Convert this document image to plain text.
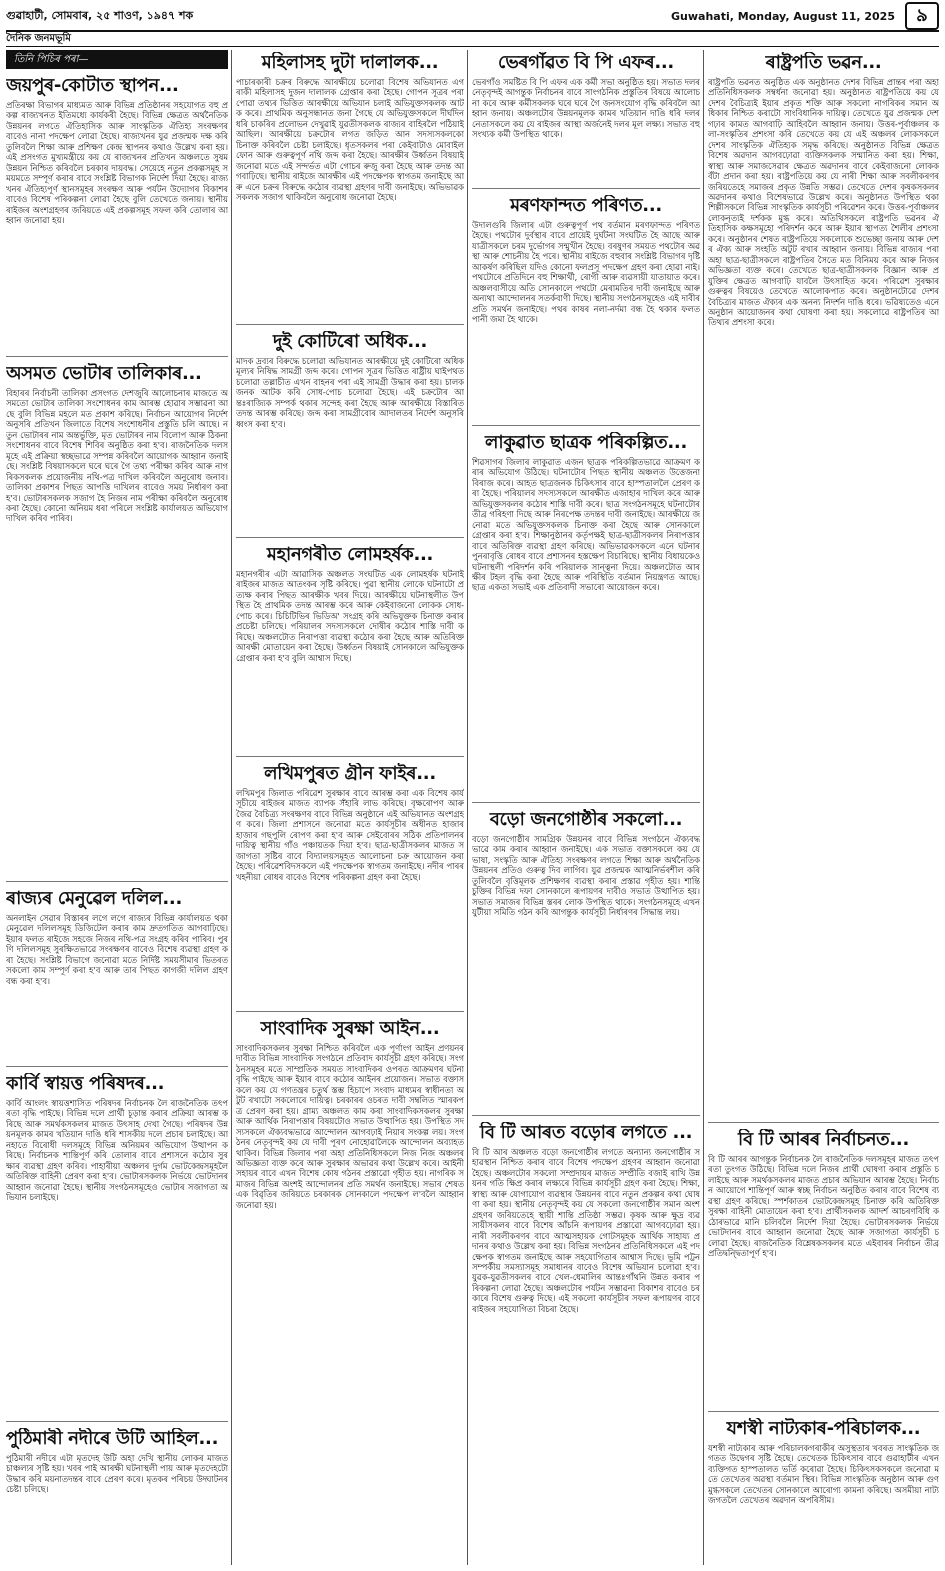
গুৱাহাটী, সোমবাৰ, ২৫ শাওণ, ১৯৪৭ শক	Guwahati, Monday, August 11, 2025	৯
দৈনিক জনমভূমি
তিনি পিচিৰ পৰা—
জয়পুৰ-কোটাত স্থাপন...
প্ৰতিৰক্ষা বিভাগৰ মাধ্যমত আৰু বিভিন্ন প্ৰতিষ্ঠানৰ সহযোগত বহু প্ৰকল্প ৰাজ্যখনত ইতিমধ্যে কাৰ্যকৰী হৈছে। বিভিন্ন ক্ষেত্ৰত অৰ্থনৈতিক উন্নয়নৰ লগতে ঐতিহাসিক আৰু সাংস্কৃতিক ঐতিহ্য সংৰক্ষণৰ বাবেও নানা পদক্ষেপ লোৱা হৈছে। ৰাজ্যখনৰ যুৱ প্ৰজন্মক দক্ষ কৰি তুলিবলৈ শিক্ষা আৰু প্ৰশিক্ষণ কেন্দ্ৰ স্থাপনৰ কথাও উল্লেখ কৰা হয়। এই প্ৰসংগত মুখ্যমন্ত্ৰীয়ে কয় যে ৰাজ্যখনৰ প্ৰতিখন অঞ্চলতে সুষম উন্নয়ন নিশ্চিত কৰিবলৈ চৰকাৰ দায়বদ্ধ। সেয়েহে নতুন প্ৰকল্পসমূহ সময়মতে সম্পূৰ্ণ কৰাৰ বাবে সংশ্লিষ্ট বিভাগক নিৰ্দেশ দিয়া হৈছে। ৰাজ্যখনৰ ঐতিহ্যপূৰ্ণ স্থানসমূহৰ সংৰক্ষণ আৰু পৰ্যটন উদ্যোগৰ বিকাশৰ বাবেও বিশেষ পৰিকল্পনা লোৱা হৈছে বুলি তেখেতে জনায়। স্থানীয় ৰাইজৰ অংশগ্ৰহণৰ জৰিয়তে এই প্ৰকল্পসমূহ সফল কৰি তোলাৰ আহ্বান জনোৱা হয়।
অসমত ভোটাৰ তালিকাৰ...
বিহাৰৰ নিৰ্বাচনী তালিকা প্ৰসংগত দেশজুৰি আলোচনাৰ মাজতে অসমতো ভোটাৰ তালিকা সংশোধনৰ কাম আৰম্ভ হোৱাৰ সম্ভাৱনা আছে বুলি বিভিন্ন মহলে মত প্ৰকাশ কৰিছে। নিৰ্বাচন আয়োগৰ নিৰ্দেশ অনুসৰি প্ৰতিখন জিলাতে বিশেষ সংশোধনীৰ প্ৰস্তুতি চলি আছে। নতুন ভোটাৰৰ নাম অন্তৰ্ভুক্তি, মৃত ভোটাৰৰ নাম বিলোপ আৰু ঠিকনা সংশোধনৰ বাবে বিশেষ শিবিৰ অনুষ্ঠিত কৰা হ'ব। ৰাজনৈতিক দলসমূহে এই প্ৰক্ৰিয়া স্বচ্ছভাৱে সম্পন্ন কৰিবলৈ আয়োগক আহ্বান জনাইছে। সংশ্লিষ্ট বিষয়াসকলে ঘৰে ঘৰে গৈ তথ্য পৰীক্ষা কৰিব আৰু নাগৰিকসকলক প্ৰয়োজনীয় নথি-পত্ৰ দাখিল কৰিবলৈ অনুৰোধ জনাব। তালিকা প্ৰকাশৰ পিছত আপত্তি দাখিলৰ বাবেও সময় নিৰ্ধাৰণ কৰা হ'ব। ভোটাৰসকলক সজাগ হৈ নিজৰ নাম পৰীক্ষা কৰিবলৈ অনুৰোধ কৰা হৈছে। কোনো অনিয়ম ধৰা পৰিলে সংশ্লিষ্ট কাৰ্যালয়ত অভিযোগ দাখিল কৰিব পাৰিব।
ৰাজ্যৰ মেনুৱেল দলিল...
অনলাইন সেৱাৰ বিস্তাৰৰ লগে লগে ৰাজ্যৰ বিভিন্ন কাৰ্যালয়ত থকা মেনুৱেল দলিলসমূহ ডিজিটেল কৰাৰ কাম দ্ৰুতগতিত আগবাঢ়িছে। ইয়াৰ ফলত ৰাইজে সহজে নিজৰ নথি-পত্ৰ সংগ্ৰহ কৰিব পাৰিব। পুৰণি দলিলসমূহ সুৰক্ষিতভাৱে সংৰক্ষণৰ বাবেও বিশেষ ব্যৱস্থা গ্ৰহণ কৰা হৈছে। সংশ্লিষ্ট বিভাগে জনোৱা মতে নিৰ্দিষ্ট সময়সীমাৰ ভিতৰত সকলো কাম সম্পূৰ্ণ কৰা হ'ব আৰু তাৰ পিছত কাগজী দলিল গ্ৰহণ বন্ধ কৰা হ'ব।
কাৰ্বি স্বায়ত্ত পৰিষদৰ...
কাৰ্বি আংলং স্বায়ত্তশাসিত পৰিষদৰ নিৰ্বাচনক লৈ ৰাজনৈতিক তৎপৰতা বৃদ্ধি পাইছে। বিভিন্ন দলে প্ৰাৰ্থী চূড়ান্ত কৰাৰ প্ৰক্ৰিয়া আৰম্ভ কৰিছে আৰু সমৰ্থকসকলৰ মাজত উৎসাহ দেখা গৈছে। পৰিষদৰ উন্নয়নমূলক কামৰ খতিয়ান দাঙি ধৰি শাসকীয় দলে প্ৰচাৰ চলাইছে। আনহাতে বিৰোধী দলসমূহে বিভিন্ন অনিয়মৰ অভিযোগ উত্থাপন কৰিছে। নিৰ্বাচনক শান্তিপূৰ্ণ কৰি তোলাৰ বাবে প্ৰশাসনে কঠোৰ সুৰক্ষাৰ ব্যৱস্থা গ্ৰহণ কৰিব। পাহাৰীয়া অঞ্চলৰ দুৰ্গম ভোটকেন্দ্ৰসমূহলৈ অতিৰিক্ত বাহিনী প্ৰেৰণ কৰা হ'ব। ভোটাৰসকলক নিৰ্ভয়ে ভোটদানৰ আহ্বান জনোৱা হৈছে। স্থানীয় সংগঠনসমূহেও ভোটাৰ সজাগতা অভিযান চলাইছে।
পুঠিমাৰী নদীৰে উটি আহিল...
পুঠিমাৰী নদীৰে এটা মৃতদেহ উটি অহা দেখি স্থানীয় লোকৰ মাজত চাঞ্চল্যৰ সৃষ্টি হয়। খবৰ পাই আৰক্ষী ঘটনাস্থলী পায় আৰু মৃতদেহটো উদ্ধাৰ কৰি ময়নাতদন্তৰ বাবে প্ৰেৰণ কৰে। মৃতকৰ পৰিচয় উদ্ঘাটনৰ চেষ্টা চলিছে।
মহিলাসহ দুটা দালালক...
পাচাৰকাৰী চক্ৰৰ বিৰুদ্ধে আৰক্ষীয়ে চলোৱা বিশেষ অভিযানত এগৰাকী মহিলাসহ দুজন দালালক গ্ৰেপ্তাৰ কৰা হৈছে। গোপন সূত্ৰৰ পৰা পোৱা তথ্যৰ ভিত্তিত আৰক্ষীয়ে অভিযান চলাই অভিযুক্তসকলক আটক কৰে। প্ৰাথমিক অনুসন্ধানত জনা গৈছে যে অভিযুক্তসকলে দীৰ্ঘদিন ধৰি চাকৰিৰ প্ৰলোভন দেখুৱাই যুৱতীসকলক ৰাজ্যৰ বাহিৰলৈ পঠিয়াই আছিল। আৰক্ষীয়ে চক্ৰটোৰ লগত জড়িত আন সদস্যসকলকো চিনাক্ত কৰিবলৈ চেষ্টা চলাইছে। ধৃতসকলৰ পৰা কেইবাটাও মোবাইল ফোন আৰু গুৰুত্বপূৰ্ণ নথি জব্দ কৰা হৈছে। আৰক্ষীৰ উৰ্ধ্বতন বিষয়াই জনোৱা মতে এই সন্দৰ্ভত এটা গোচৰ ৰুজু কৰা হৈছে আৰু তদন্ত আগবাঢ়িছে। স্থানীয় ৰাইজে আৰক্ষীৰ এই পদক্ষেপক স্বাগতম জনাইছে আৰু এনে চক্ৰৰ বিৰুদ্ধে কঠোৰ ব্যৱস্থা গ্ৰহণৰ দাবী জনাইছে। অভিভাৱকসকলক সজাগ থাকিবলৈ অনুৰোধ জনোৱা হৈছে।
দুই কোটিৰো অধিক...
মাদক দ্ৰব্যৰ বিৰুদ্ধে চলোৱা অভিযানত আৰক্ষীয়ে দুই কোটিৰো অধিক মূল্যৰ নিষিদ্ধ সামগ্ৰী জব্দ কৰে। গোপন সূত্ৰৰ ভিত্তিত ৰাষ্ট্ৰীয় ঘাইপথত চলোৱা তল্লাচীত এখন বাহনৰ পৰা এই সামগ্ৰী উদ্ধাৰ কৰা হয়। চালকজনক আটক কৰি সোধ-পোচ চলোৱা হৈছে। এই চক্ৰটোৰ আন্তঃৰাজ্যিক সম্পৰ্ক থকাৰ সন্দেহ কৰা হৈছে আৰু আৰক্ষীয়ে বিস্তাৰিত তদন্ত আৰম্ভ কৰিছে। জব্দ কৰা সামগ্ৰীবোৰ আদালতৰ নিৰ্দেশ অনুসৰি ধ্বংস কৰা হ'ব।
মহানগৰীত লোমহৰ্ষক...
মহানগৰীৰ এটা আৱাসিক অঞ্চলত সংঘটিত এক লোমহৰ্ষক ঘটনাই ৰাইজৰ মাজত আতংকৰ সৃষ্টি কৰিছে। পুৱা স্থানীয় লোকে ঘটনাটো প্ৰত্যক্ষ কৰাৰ পিছত আৰক্ষীক খবৰ দিয়ে। আৰক্ষীয়ে ঘটনাস্থলীত উপস্থিত হৈ প্ৰাথমিক তদন্ত আৰম্ভ কৰে আৰু কেইবাজনো লোকক সোধ-পোচ কৰে। চিচিটিভিৰ ভিডিঅ' সংগ্ৰহ কৰি অভিযুক্তক চিনাক্ত কৰাৰ প্ৰচেষ্টা চলিছে। পৰিয়ালৰ সদস্যসকলে দোষীৰ কঠোৰ শাস্তি দাবী কৰিছে। অঞ্চলটোত নিৰাপত্তা ব্যৱস্থা কঠোৰ কৰা হৈছে আৰু অতিৰিক্ত আৰক্ষী মোতায়েন কৰা হৈছে। উৰ্ধ্বতন বিষয়াই সোনকালে অভিযুক্তক গ্ৰেপ্তাৰ কৰা হ'ব বুলি আশ্বাস দিছে।
লখিমপুৰত গ্ৰীন ফাইৰ...
লখিমপুৰ জিলাত পৰিৱেশ সুৰক্ষাৰ বাবে আৰম্ভ কৰা এক বিশেষ কাৰ্যসূচীয়ে ৰাইজৰ মাজত ব্যাপক সঁহাৰি লাভ কৰিছে। বৃক্ষৰোপণ আৰু জৈৱ বৈচিত্ৰ্য সংৰক্ষণৰ বাবে বিভিন্ন অনুষ্ঠানে এই অভিযানত অংশগ্ৰহণ কৰে। জিলা প্ৰশাসনে জনোৱা মতে কাৰ্যসূচীৰ অধীনত হাজাৰ হাজাৰ গছপুলি ৰোপণ কৰা হ'ব আৰু সেইবোৰৰ সঠিক প্ৰতিপালনৰ দায়িত্ব স্থানীয় গাঁও পঞ্চায়তক দিয়া হ'ব। ছাত্ৰ-ছাত্ৰীসকলৰ মাজত সজাগতা সৃষ্টিৰ বাবে বিদ্যালয়সমূহত আলোচনা চক্ৰ আয়োজন কৰা হৈছে। পৰিৱেশবিদসকলে এই পদক্ষেপক স্বাগতম জনাইছে। নদীৰ পাৰৰ খহনীয়া ৰোধৰ বাবেও বিশেষ পৰিকল্পনা গ্ৰহণ কৰা হৈছে।
সাংবাদিক সুৰক্ষা আইন...
সাংবাদিকসকলৰ সুৰক্ষা নিশ্চিত কৰিবলৈ এক পূৰ্ণাংগ আইন প্ৰণয়নৰ দাবীত বিভিন্ন সাংবাদিক সংগঠনে প্ৰতিবাদ কাৰ্যসূচী গ্ৰহণ কৰিছে। সংগঠনসমূহৰ মতে সাম্প্ৰতিক সময়ত সাংবাদিকৰ ওপৰত আক্ৰমণৰ ঘটনা বৃদ্ধি পাইছে আৰু ইয়াৰ বাবে কঠোৰ আইনৰ প্ৰয়োজন। সভাত বক্তাসকলে কয় যে গণতন্ত্ৰৰ চতুৰ্থ স্তম্ভ হিচাপে সংবাদ মাধ্যমৰ স্বাধীনতা অটুট ৰখাটো সকলোৰে দায়িত্ব। চৰকাৰৰ ওচৰত দাবী সম্বলিত স্মাৰকপত্ৰ প্ৰেৰণ কৰা হয়। গ্ৰাম্য অঞ্চলত কাম কৰা সাংবাদিকসকলৰ সুৰক্ষা আৰু আৰ্থিক নিৰাপত্তাৰ বিষয়টোও সভাত উত্থাপিত হয়। উপস্থিত সদস্যসকলে ঐক্যবদ্ধভাৱে আন্দোলন আগবঢ়াই নিয়াৰ সংকল্প লয়। সংগঠনৰ নেতৃবৃন্দই কয় যে দাবী পূৰণ নোহোৱালৈকে আন্দোলন অব্যাহত থাকিব। বিভিন্ন জিলাৰ পৰা অহা প্ৰতিনিধিসকলে নিজ নিজ অঞ্চলৰ অভিজ্ঞতা ব্যক্ত কৰে আৰু সুৰক্ষাৰ অভাৱৰ কথা উল্লেখ কৰে। আইনী সহায়ৰ বাবে এখন বিশেষ কোষ গঠনৰ প্ৰস্তাৱো গৃহীত হয়। নাগৰিক সমাজৰ বিভিন্ন অংশই আন্দোলনৰ প্ৰতি সমৰ্থন জনাইছে। সভাৰ শেষত এক বিৱৃতিৰ জৰিয়তে চৰকাৰক সোনকালে পদক্ষেপ ল'বলৈ আহ্বান জনোৱা হয়।
ভেৰগাঁৱত বি পি এফৰ...
ভেৰগাঁও সমষ্টিত বি পি এফৰ এক কৰ্মী সভা অনুষ্ঠিত হয়। সভাত দলৰ নেতৃবৃন্দই আগন্তুক নিৰ্বাচনৰ বাবে সাংগঠনিক প্ৰস্তুতিৰ বিষয়ে আলোচনা কৰে আৰু কৰ্মীসকলক ঘৰে ঘৰে গৈ জনসংযোগ বৃদ্ধি কৰিবলৈ আহ্বান জনায়। অঞ্চলটোৰ উন্নয়নমূলক কামৰ খতিয়ান দাঙি ধৰি দলৰ নেতাসকলে কয় যে ৰাইজৰ আস্থা অৰ্জনেই দলৰ মূল লক্ষ্য। সভাত বহু সংখ্যক কৰ্মী উপস্থিত থাকে।
মৰণফান্দত পৰিণত...
উদালগুৰি জিলাৰ এটা গুৰুত্বপূৰ্ণ পথ বৰ্তমান মৰণফান্দত পৰিণত হৈছে। পথটোৰ দুৰ্বস্থাৰ বাবে প্ৰায়েই দুৰ্ঘটনা সংঘটিত হৈ আছে আৰু যাত্ৰীসকলে চৰম দুৰ্ভোগৰ সন্মুখীন হৈছে। বৰষুণৰ সময়ত পথটোৰ অৱস্থা আৰু শোচনীয় হৈ পৰে। স্থানীয় ৰাইজে বহুবাৰ সংশ্লিষ্ট বিভাগৰ দৃষ্টি আকৰ্ষণ কৰিছিল যদিও কোনো ফলপ্ৰসূ পদক্ষেপ গ্ৰহণ কৰা হোৱা নাই। পথটোৰে প্ৰতিদিনে বহু শিক্ষাৰ্থী, ৰোগী আৰু ব্যৱসায়ী যাতায়াত কৰে। অঞ্চলবাসীয়ে অতি সোনকালে পথটো মেৰামতিৰ দাবী জনাইছে আৰু অন্যথা আন্দোলনৰ সতৰ্কবাণী দিছে। স্থানীয় সংগঠনসমূহেও এই দাবীৰ প্ৰতি সমৰ্থন জনাইছে। পথৰ কাষৰ নলা-নৰ্দমা বন্ধ হৈ থকাৰ ফলত পানী জমা হৈ থাকে।
লাকুৱাত ছাত্ৰক পৰিকল্পিত...
শিৱসাগৰ জিলাৰ লাকুৱাত এজন ছাত্ৰক পৰিকল্পিতভাৱে আক্ৰমণ কৰাৰ অভিযোগ উঠিছে। ঘটনাটোৰ পিছত স্থানীয় অঞ্চলত উত্তেজনা বিৰাজ কৰে। আহত ছাত্ৰজনক চিকিৎসাৰ বাবে হাস্পতাললৈ প্ৰেৰণ কৰা হৈছে। পৰিয়ালৰ সদস্যসকলে আৰক্ষীত এজাহাৰ দাখিল কৰে আৰু অভিযুক্তসকলৰ কঠোৰ শাস্তি দাবী কৰে। ছাত্ৰ সংগঠনসমূহে ঘটনাটোৰ তীব্ৰ গৰিহণা দিছে আৰু নিৰপেক্ষ তদন্তৰ দাবী জনাইছে। আৰক্ষীয়ে জনোৱা মতে অভিযুক্তসকলক চিনাক্ত কৰা হৈছে আৰু সোনকালে গ্ৰেপ্তাৰ কৰা হ'ব। শিক্ষানুষ্ঠানৰ কৰ্তৃপক্ষই ছাত্ৰ-ছাত্ৰীসকলৰ নিৰাপত্তাৰ বাবে অতিৰিক্ত ব্যৱস্থা গ্ৰহণ কৰিছে। অভিভাৱকসকলে এনে ঘটনাৰ পুনৰাবৃত্তি ৰোধৰ বাবে প্ৰশাসনৰ হস্তক্ষেপ বিচাৰিছে। স্থানীয় বিধায়কেও ঘটনাস্থলী পৰিদৰ্শন কৰি পৰিয়ালক সান্ত্বনা দিয়ে। অঞ্চলটোত আৰক্ষীৰ টহল বৃদ্ধি কৰা হৈছে আৰু পৰিস্থিতি বৰ্তমান নিয়ন্ত্ৰণত আছে। ছাত্ৰ একতা সভাই এক প্ৰতিবাদী সভাৰো আয়োজন কৰে।
বড়ো জনগোষ্ঠীৰ সকলো...
বড়ো জনগোষ্ঠীৰ সামগ্ৰিক উন্নয়নৰ বাবে বিভিন্ন সংগঠনে ঐক্যবদ্ধভাৱে কাম কৰাৰ আহ্বান জনাইছে। এক সভাত বক্তাসকলে কয় যে ভাষা, সংস্কৃতি আৰু ঐতিহ্য সংৰক্ষণৰ লগতে শিক্ষা আৰু অৰ্থনৈতিক উন্নয়নৰ প্ৰতিও গুৰুত্ব দিব লাগিব। যুৱ প্ৰজন্মক আত্মনিৰ্ভৰশীল কৰি তুলিবলৈ বৃত্তিমূলক প্ৰশিক্ষণৰ ব্যৱস্থা কৰাৰ প্ৰস্তাৱ গৃহীত হয়। শান্তি চুক্তিৰ বিভিন্ন দফা সোনকালে ৰূপায়ণৰ দাবীও সভাত উত্থাপিত হয়। সভাত সমাজৰ বিভিন্ন স্তৰৰ লোক উপস্থিত থাকে। সংগঠনসমূহে এখন যুটীয়া সমিতি গঠন কৰি আগন্তুক কাৰ্যসূচী নিৰ্ধাৰণৰ সিদ্ধান্ত লয়।
বি টি আৰত বড়োৰ লগতে ...
বি টি আৰ অঞ্চলত বড়ো জনগোষ্ঠীৰ লগতে অন্যান্য জনগোষ্ঠীৰ সহাৱস্থান নিশ্চিত কৰাৰ বাবে বিশেষ পদক্ষেপ গ্ৰহণৰ আহ্বান জনোৱা হৈছে। অঞ্চলটোৰ সকলো সম্প্ৰদায়ৰ মাজত সম্প্ৰীতি বজাই ৰাখি উন্নয়নৰ গতি ক্ষিপ্ৰ কৰাৰ লক্ষ্যৰে বিভিন্ন কাৰ্যসূচী গ্ৰহণ কৰা হৈছে। শিক্ষা, স্বাস্থ্য আৰু যোগাযোগ ব্যৱস্থাৰ উন্নয়নৰ বাবে নতুন প্ৰকল্পৰ কথা ঘোষণা কৰা হয়। স্থানীয় নেতৃবৃন্দই কয় যে সকলো জনগোষ্ঠীৰ সমান অংশগ্ৰহণৰ জৰিয়তেহে স্থায়ী শান্তি প্ৰতিষ্ঠা সম্ভৱ। কৃষক আৰু ক্ষুদ্ৰ ব্যৱসায়ীসকলৰ বাবে বিশেষ আঁচনি ৰূপায়ণৰ প্ৰস্তাৱো আগবঢ়োৱা হয়। নাৰী সবলীকৰণৰ বাবে আত্মসহায়ক গোটসমূহক আৰ্থিক সাহায্য প্ৰদানৰ কথাও উল্লেখ কৰা হয়। বিভিন্ন সংগঠনৰ প্ৰতিনিধিসকলে এই পদক্ষেপক স্বাগতম জনাইছে আৰু সহযোগিতাৰ আশ্বাস দিছে। ভূমি পট্টন সম্পৰ্কীয় সমস্যাসমূহ সমাধানৰ বাবেও বিশেষ অভিযান চলোৱা হ'ব। যুৱক-যুৱতীসকলৰ বাবে খেল-ধেমালিৰ আন্তঃগাঁথনি উন্নত কৰাৰ পৰিকল্পনা লোৱা হৈছে। অঞ্চলটোৰ পৰ্যটন সম্ভাৱনা বিকাশৰ বাবেও চৰকাৰে বিশেষ গুৰুত্ব দিছে। এই সকলো কাৰ্যসূচীৰ সফল ৰূপায়ণৰ বাবে ৰাইজৰ সহযোগিতা বিচৰা হৈছে।
ৰাষ্ট্ৰপতি ভৱন...
ৰাষ্ট্ৰপতি ভৱনত অনুষ্ঠিত এক অনুষ্ঠানত দেশৰ বিভিন্ন প্ৰান্তৰ পৰা অহা প্ৰতিনিধিসকলক সম্বৰ্ধনা জনোৱা হয়। অনুষ্ঠানত ৰাষ্ট্ৰপতিয়ে কয় যে দেশৰ বৈচিত্ৰ্যই ইয়াৰ প্ৰকৃত শক্তি আৰু সকলো নাগৰিকৰ সমান অধিকাৰ নিশ্চিত কৰাটো সাংবিধানিক দায়িত্ব। তেখেতে যুৱ প্ৰজন্মক দেশ গঢ়াৰ কামত আগবাঢ়ি আহিবলৈ আহ্বান জনায়। উত্তৰ-পূৰ্বাঞ্চলৰ কলা-সংস্কৃতিৰ প্ৰশংসা কৰি তেখেতে কয় যে এই অঞ্চলৰ লোকসকলে দেশৰ সাংস্কৃতিক ঐতিহ্যক সমৃদ্ধ কৰিছে। অনুষ্ঠানত বিভিন্ন ক্ষেত্ৰত বিশেষ অৱদান আগবঢ়োৱা ব্যক্তিসকলক সন্মানিত কৰা হয়। শিক্ষা, স্বাস্থ্য আৰু সমাজসেৱাৰ ক্ষেত্ৰত অৱদানৰ বাবে কেইবাজনো লোকক বঁটা প্ৰদান কৰা হয়। ৰাষ্ট্ৰপতিয়ে কয় যে নাৰী শিক্ষা আৰু সবলীকৰণৰ জৰিয়তেহে সমাজৰ প্ৰকৃত উন্নতি সম্ভৱ। তেখেতে দেশৰ কৃষকসকলৰ অৱদানৰ কথাও বিশেষভাৱে উল্লেখ কৰে। অনুষ্ঠানত উপস্থিত থকা শিল্পীসকলে বিভিন্ন সাংস্কৃতিক কাৰ্যসূচী পৰিৱেশন কৰে। উত্তৰ-পূৰ্বাঞ্চলৰ লোকনৃত্যই দৰ্শকক মুগ্ধ কৰে। অতিথিসকলে ৰাষ্ট্ৰপতি ভৱনৰ ঐতিহাসিক কক্ষসমূহো পৰিদৰ্শন কৰে আৰু ইয়াৰ স্থাপত্য শৈলীৰ প্ৰশংসা কৰে। অনুষ্ঠানৰ শেষত ৰাষ্ট্ৰপতিয়ে সকলোকে শুভেচ্ছা জনায় আৰু দেশৰ ঐক্য আৰু সংহতি অটুট ৰখাৰ আহ্বান জনায়। বিভিন্ন ৰাজ্যৰ পৰা অহা ছাত্ৰ-ছাত্ৰীসকলে ৰাষ্ট্ৰপতিৰ সৈতে মত বিনিময় কৰে আৰু নিজৰ অভিজ্ঞতা ব্যক্ত কৰে। তেখেতে ছাত্ৰ-ছাত্ৰীসকলক বিজ্ঞান আৰু প্ৰযুক্তিৰ ক্ষেত্ৰত আগবাঢ়ি যাবলৈ উৎসাহিত কৰে। পৰিৱেশ সুৰক্ষাৰ গুৰুত্বৰ বিষয়েও তেখেতে আলোকপাত কৰে। অনুষ্ঠানটোৱে দেশৰ বৈচিত্ৰ্যৰ মাজত ঐক্যৰ এক অনন্য নিদৰ্শন দাঙি ধৰে। ভৱিষ্যতেও এনে অনুষ্ঠান আয়োজনৰ কথা ঘোষণা কৰা হয়। সকলোৱে ৰাষ্ট্ৰপতিৰ আতিথ্যৰ প্ৰশংসা কৰে।
বি টি আৰৰ নিৰ্বাচনত...
বি টি আৰৰ আগন্তুক নিৰ্বাচনক লৈ ৰাজনৈতিক দলসমূহৰ মাজত তৎপৰতা তুংগত উঠিছে। বিভিন্ন দলে নিজৰ প্ৰাৰ্থী ঘোষণা কৰাৰ প্ৰস্তুতি চলাইছে আৰু সমৰ্থকসকলৰ মাজত প্ৰচাৰ অভিযান আৰম্ভ হৈছে। নিৰ্বাচন আয়োগে শান্তিপূৰ্ণ আৰু স্বচ্ছ নিৰ্বাচন অনুষ্ঠিত কৰাৰ বাবে বিশেষ ব্যৱস্থা গ্ৰহণ কৰিছে। স্পৰ্শকাতৰ ভোটকেন্দ্ৰসমূহ চিনাক্ত কৰি অতিৰিক্ত সুৰক্ষা বাহিনী মোতায়েন কৰা হ'ব। প্ৰাৰ্থীসকলক আদৰ্শ আচৰণবিধি কঠোৰভাৱে মানি চলিবলৈ নিৰ্দেশ দিয়া হৈছে। ভোটাৰসকলক নিৰ্ভয়ে ভোটদানৰ বাবে আহ্বান জনোৱা হৈছে আৰু সজাগতা কাৰ্যসূচী চলোৱা হৈছে। ৰাজনৈতিক বিশ্লেষকসকলৰ মতে এইবাৰৰ নিৰ্বাচন তীব্ৰ প্ৰতিদ্বন্দ্বিতাপূৰ্ণ হ'ব।
যশস্বী নাট্যকাৰ-পৰিচালক...
যশস্বী নাট্যকাৰ আৰু পৰিচালকগৰাকীৰ অসুস্থতাৰ খবৰত সাংস্কৃতিক জগতত উদ্বেগৰ সৃষ্টি হৈছে। তেখেতক চিকিৎসাৰ বাবে গুৱাহাটীৰ এখন ব্যক্তিগত হাস্পতালত ভৰ্তি কৰোৱা হৈছে। চিকিৎসকসকলে জনোৱা মতে তেখেতৰ অৱস্থা বৰ্তমান স্থিৰ। বিভিন্ন সাংস্কৃতিক অনুষ্ঠান আৰু গুণমুগ্ধসকলে তেখেতৰ সোনকালে আৰোগ্য কামনা কৰিছে। অসমীয়া নাট্য জগতলৈ তেখেতৰ অৱদান অপৰিসীম।
